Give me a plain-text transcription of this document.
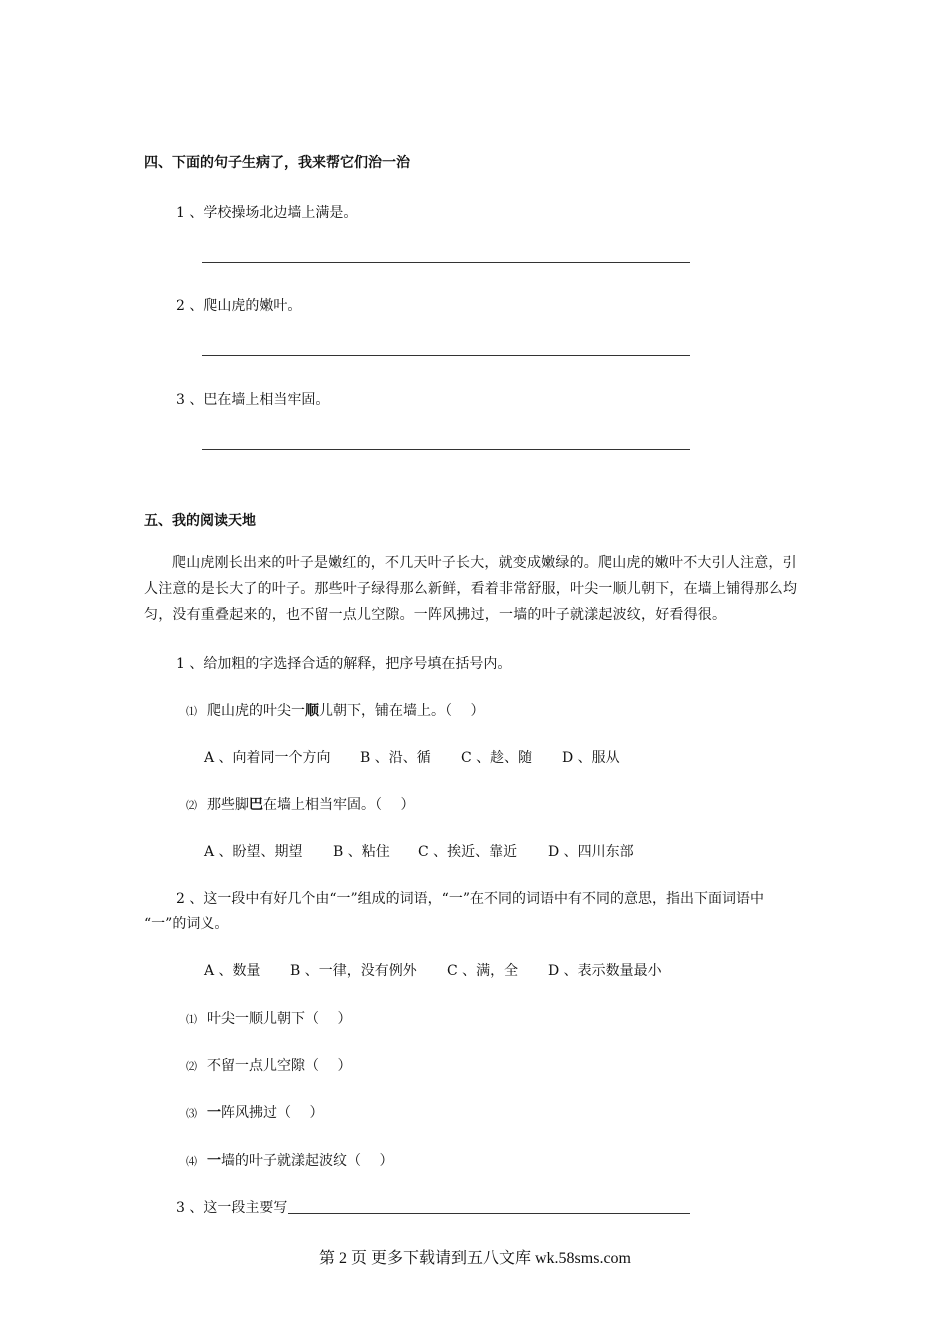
四、下面的句子生病了，我来帮它们治一治
1 、学校操场北边墙上满是。
2 、爬山虎的嫩叶。
3 、巴在墙上相当牢固。
五、我的阅读天地
爬山虎刚长出来的叶子是嫩红的，不几天叶子长大，就变成嫩绿的。爬山虎的嫩叶不大引人注意，引人注意的是长大了的叶子。那些叶子绿得那么新鲜，看着非常舒服，叶尖一顺儿朝下，在墙上铺得那么均匀，没有重叠起来的，也不留一点儿空隙。一阵风拂过，一墙的叶子就漾起波纹，好看得很。
1 、给加粗的字选择合适的解释，把序号填在括号内。
⑴ 爬山虎的叶尖一顺儿朝下，铺在墙上。（　 ）
A 、向着同一个方向 B 、沿、循 C 、趁、随 D 、服从
⑵ 那些脚巴在墙上相当牢固。（　 ）
A 、盼望、期望 B 、粘住 C 、挨近、靠近 D 、四川东部
2 、这一段中有好几个由“一”组成的词语，“一”在不同的词语中有不同的意思，指出下面词语中
“一”的词义。
A 、数量 B 、一律，没有例外 C 、满，全 D 、表示数量最小
⑴ 叶尖一顺儿朝下（　 ）
⑵ 不留一点儿空隙（　 ）
⑶ 一阵风拂过（　 ）
⑷ 一墙的叶子就漾起波纹（　 ）
3 、这一段主要写
第 2 页 更多下载请到五八文库 wk.58sms.com
